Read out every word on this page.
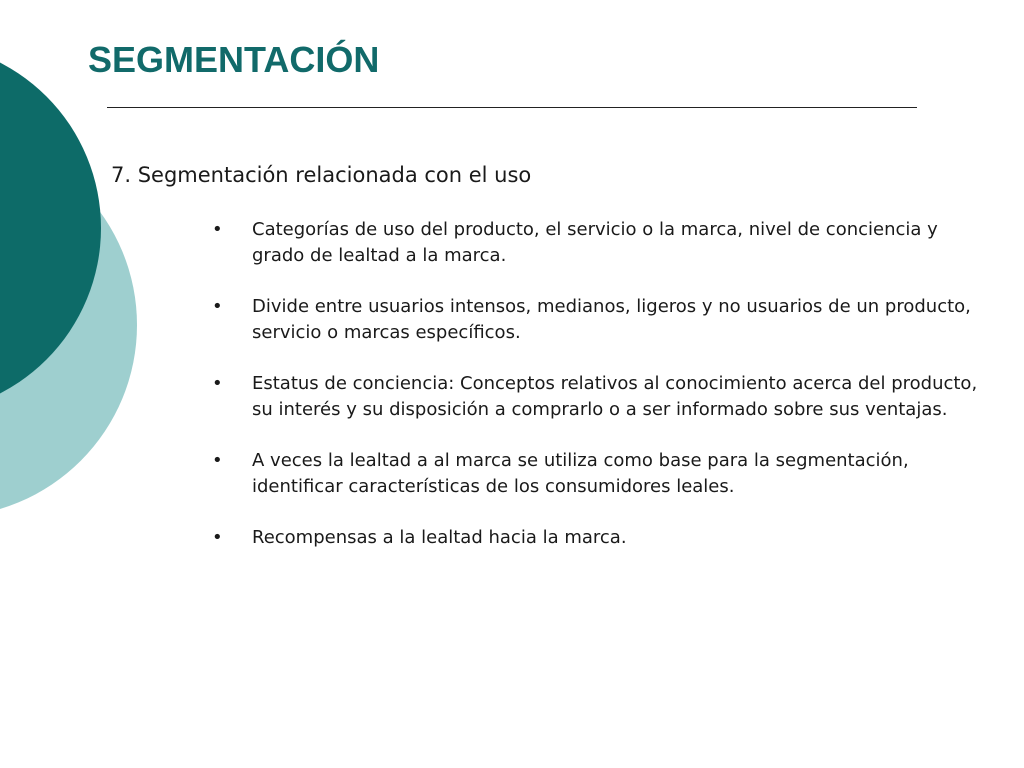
SEGMENTACIÓN

7. Segmentación relacionada con el uso

• Categorías de uso del producto, el servicio o la marca, nivel de conciencia y grado de lealtad a la marca.
• Divide entre usuarios intensos, medianos, ligeros y no usuarios de un producto, servicio o marcas específicos.
• Estatus de conciencia: Conceptos relativos al conocimiento acerca del producto, su interés y su disposición a comprarlo o a ser informado sobre sus ventajas.
• A veces la lealtad a al marca se utiliza como base para la segmentación, identificar características de los consumidores leales.
• Recompensas a la lealtad hacia la marca.
